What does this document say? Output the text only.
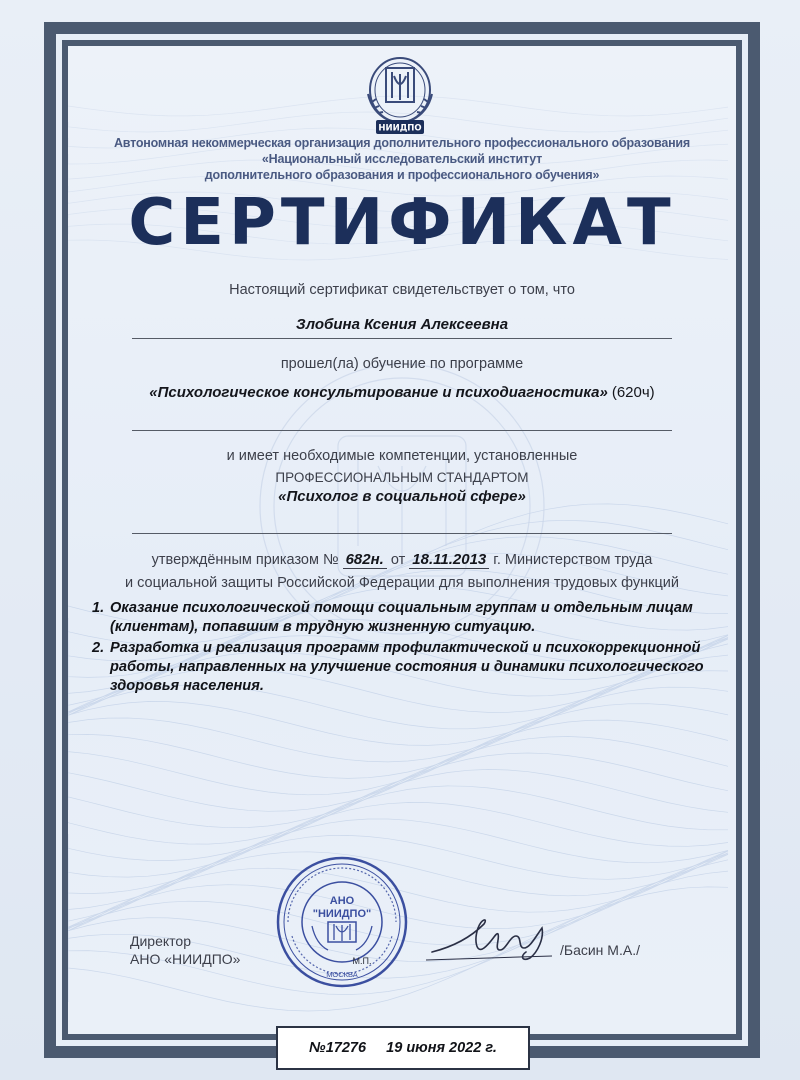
НИИДПО
Автономная некоммерческая организация дополнительного профессионального образования
«Национальный исследовательский институт
дополнительного образования и профессионального обучения»
СЕРТИФИКАТ
Настоящий сертификат свидетельствует о том, что
Злобина Ксения Алексеевна
прошел(ла) обучение по программе
«Психологическое консультирование и психодиагностика» (620ч)
и имеет необходимые компетенции, установленные
ПРОФЕССИОНАЛЬНЫМ СТАНДАРТОМ
«Психолог в социальной сфере»
утверждённым приказом № 682н. от 18.11.2013 г. Министерством труда
и социальной защиты Российской Федерации для выполнения трудовых функций
1. Оказание психологической помощи социальным группам и отдельным лицам (клиентам), попавшим в трудную жизненную ситуацию.
2. Разработка и реализация программ профилактической и психокоррекционной работы, направленных на улучшение состояния и динамики психологического здоровья населения.
Директор
АНО «НИИДПО»
АНО
"НИИДПО"
МОСКВА
М.П.
/Басин М.А./
№17276 19 июня 2022 г.
